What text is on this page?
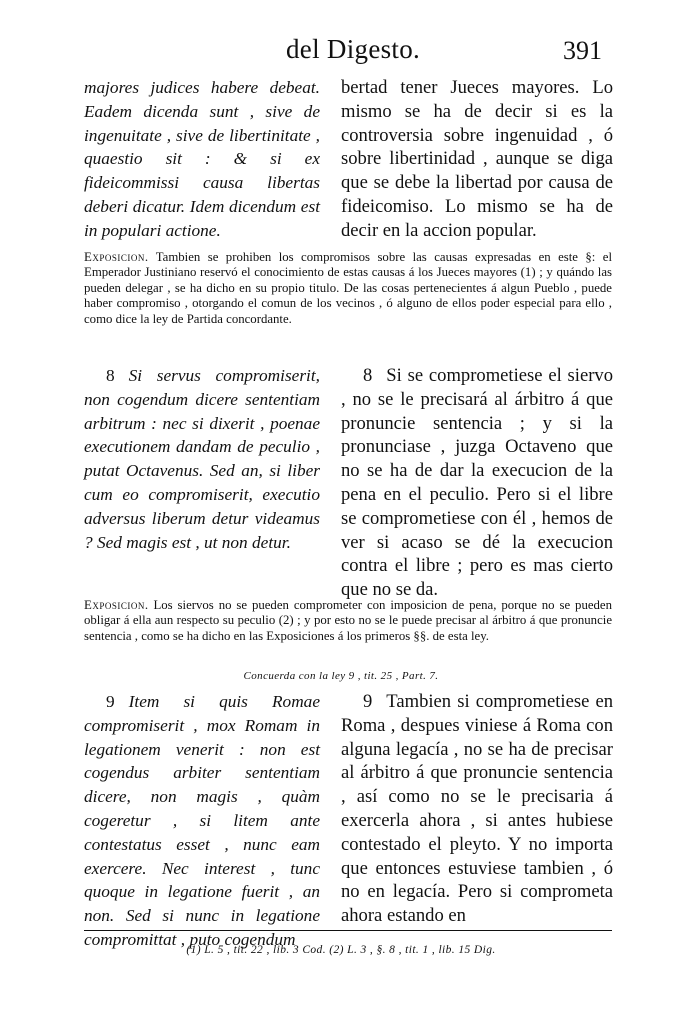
del Digesto.	391

majores judices habere debeat. Eadem dicenda sunt , sive de ingenuitate , sive de libertinitate , quaestio sit : & si ex fideicommissi causa libertas deberi dicatur. Idem dicendum est in populari actione.

bertad tener Jueces mayores. Lo mismo se ha de decir si es la controversia sobre ingenuidad , ó sobre libertinidad , aunque se diga que se debe la libertad por causa de fideicomiso. Lo mismo se ha de decir en la accion popular.

Exposicion. Tambien se prohiben los compromisos sobre las causas expresadas en este §: el Emperador Justiniano reservó el conocimiento de estas causas á los Jueces mayores (1) ; y quándo las pueden delegar , se ha dicho en su propio titulo. De las cosas pertenecientes á algun Pueblo , puede haber compromiso , otorgando el comun de los vecinos , ó alguno de ellos poder especial para ello , como dice la ley de Partida concordante.

8 Si servus compromiserit, non cogendum dicere sententiam arbitrum : nec si dixerit , poenae executionem dandam de peculio , putat Octavenus. Sed an, si liber cum eo compromiserit, executio adversus liberum detur videamus ? Sed magis est , ut non detur.

8 Si se comprometiese el siervo , no se le precisará al árbitro á que pronuncie sentencia ; y si la pronunciase , juzga Octaveno que no se ha de dar la execucion de la pena en el peculio. Pero si el libre se comprometiese con él , hemos de ver si acaso se dé la execucion contra el libre ; pero es mas cierto que no se da.

Exposicion. Los siervos no se pueden comprometer con imposicion de pena, porque no se pueden obligar á ella aun respecto su peculio (2) ; y por esto no se le puede precisar al árbitro á que pronuncie sentencia , como se ha dicho en las Exposiciones á los primeros §§. de esta ley.
Concuerda con la ley 9 , tit. 25 , Part. 7.

9 Item si quis Romae compromiserit , mox Romam in legationem venerit : non est cogendus arbiter sententiam dicere, non magis , quàm cogeretur , si litem ante contestatus esset , nunc eam exercere. Nec interest , tunc quoque in legatione fuerit , an non. Sed si nunc in legatione compromittat , puto cogendum

9 Tambien si comprometiese en Roma , despues viniese á Roma con alguna legacía , no se ha de precisar al árbitro á que pronuncie sentencia , así como no se le precisaria á exercerla ahora , si antes hubiese contestado el pleyto. Y no importa que entonces estuviese tambien , ó no en legacía. Pero si comprometa ahora estando en

(1) L. 5 , tit. 22 , lib. 3 Cod. (2) L. 3 , §. 8 , tit. 1 , lib. 15 Dig.
